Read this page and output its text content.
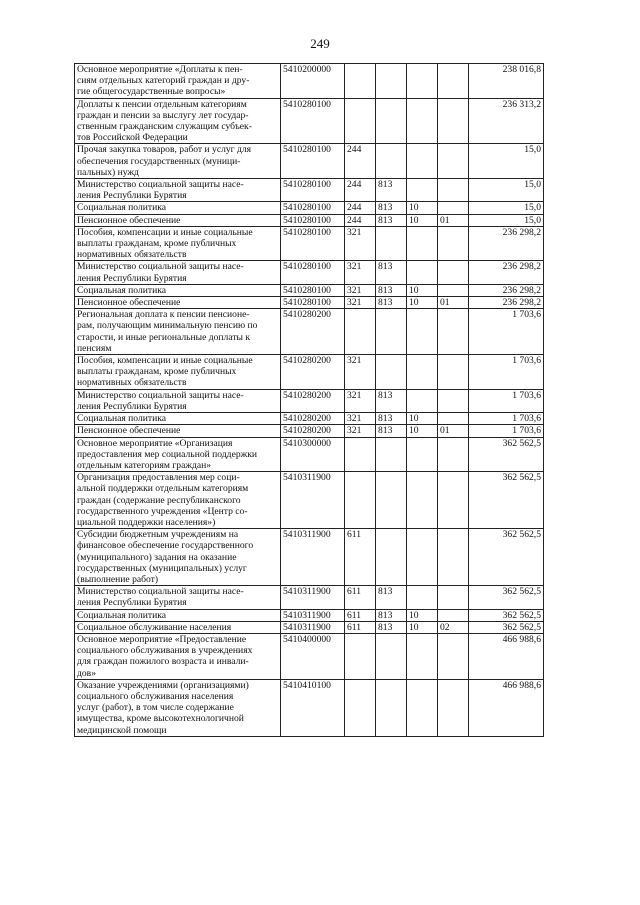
249
Основное мероприятие «Доплаты к пен-
сиям отдельных категорий граждан и дру-
гие общегосударственные вопросы»	5410200000					238 016,8

Доплаты к пенсии отдельным категориям
граждан и пенсии за выслугу лет государ-
ственным гражданским служащим субъек-
тов Российской Федерации	5410280100					236 313,2

Прочая закупка товаров, работ и услуг для
обеспечения государственных (муници-
пальных) нужд	5410280100	244				15,0

Министерство социальной защиты насе-
ления Республики Бурятия	5410280100	244	813			15,0

Социальная политика	5410280100	244	813	10		15,0

Пенсионное обеспечение	5410280100	244	813	10	01	15,0

Пособия, компенсации и иные социальные
выплаты гражданам, кроме публичных
нормативных обязательств	5410280100	321				236 298,2

Министерство социальной защиты насе-
ления Республики Бурятия	5410280100	321	813			236 298,2

Социальная политика	5410280100	321	813	10		236 298,2

Пенсионное обеспечение	5410280100	321	813	10	01	236 298,2

Региональная доплата к пенсии пенсионе-
рам, получающим минимальную пенсию по
старости, и иные региональные доплаты к
пенсиям	5410280200					1 703,6

Пособия, компенсации и иные социальные
выплаты гражданам, кроме публичных
нормативных обязательств	5410280200	321				1 703,6

Министерство социальной защиты насе-
ления Республики Бурятия	5410280200	321	813			1 703,6

Социальная политика	5410280200	321	813	10		1 703,6

Пенсионное обеспечение	5410280200	321	813	10	01	1 703,6

Основное мероприятие «Организация
предоставления мер социальной поддержки
отдельным категориям граждан»	5410300000					362 562,5

Организация предоставления мер соци-
альной поддержки отдельным категориям
граждан (содержание республиканского
государственного учреждения «Центр со-
циальной поддержки населения»)	5410311900					362 562,5

Субсидии бюджетным учреждениям на
финансовое обеспечение государственного
(муниципального) задания на оказание
государственных (муниципальных) услуг
(выполнение работ)	5410311900	611				362 562,5

Министерство социальной защиты насе-
ления Республики Бурятия	5410311900	611	813			362 562,5

Социальная политика	5410311900	611	813	10		362 562,5

Социальное обслуживание населения	5410311900	611	813	10	02	362 562,5

Основное мероприятие «Предоставление
социального обслуживания в учреждениях
для граждан пожилого возраста и инвали-
дов»	5410400000					466 988,6

Оказание учреждениями (организациями)
социального обслуживания населения
услуг (работ), в том числе содержание
имущества, кроме высокотехнологичной
медицинской помощи	5410410100					466 988,6
